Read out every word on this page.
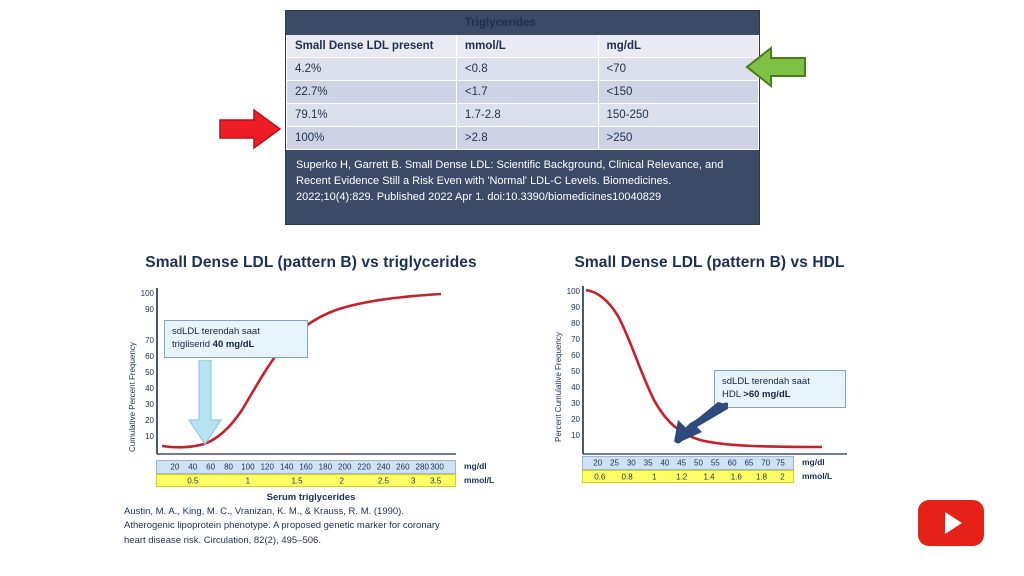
	Triglycerides	
Small Dense LDL present	mmol/L	mg/dL
4.2%	<0.8	<70
22.7%	<1.7	<150
79.1%	1.7-2.8	150-250
100%	>2.8	>250
Superko H, Garrett B. Small Dense LDL: Scientific Background, Clinical Relevance, and Recent Evidence Still a Risk Even with 'Normal' LDL-C Levels. Biomedicines. 2022;10(4):829. Published 2022 Apr 1. doi:10.3390/biomedicines10040829
Small Dense LDL (pattern B) vs triglycerides
Cumulative Percent Frequency
100
90
70
60
50
40
30
20
10
sdLDL terendah saat
trigliserid 40 mg/dL
20 40 60 80 100 120 140 160 180 200 220 240 260 280 300 mg/dl
0.5	1	1.5	2	2.5	3 3.5	mmol/L
Serum triglycerides
Austin, M. A., King, M. C., Vranizan, K. M., & Krauss, R. M. (1990). Atherogenic lipoprotein phenotype. A proposed genetic marker for coronary heart disease risk. Circulation, 82(2), 495–506.
Small Dense LDL (pattern B) vs HDL
Percent Cumulative Frequency
100
90
80
70
60
50
40
30
20
10
sdLDL terendah saat
HDL >60 mg/dL
20 25 30 35 40 45 50 55 60 65 70 75 mg/dl
0.6 0.8 1 1.2 1.4 1.6 1.8 2 mmol/L
